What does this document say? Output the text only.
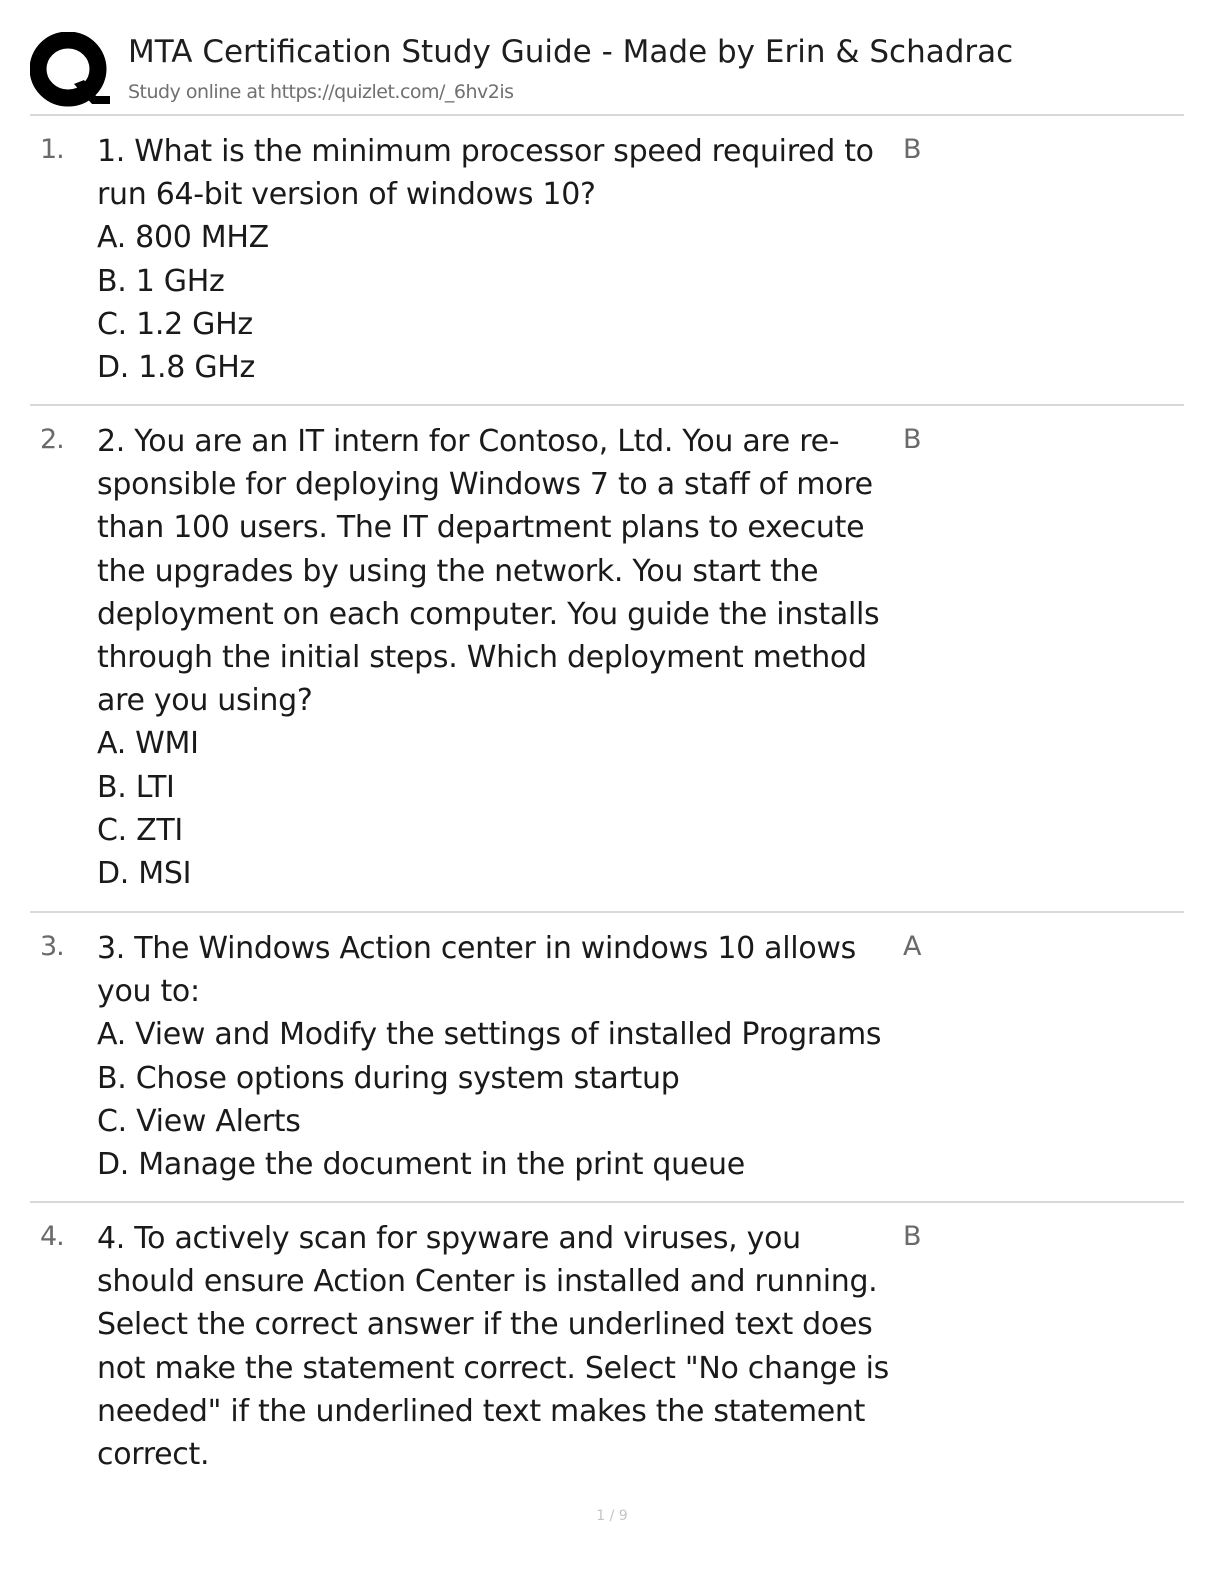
MTA Certification Study Guide - Made by Erin & Schadrac
Study online at https://quizlet.com/_6hv2is
1. 1. What is the minimum processor speed required to run 64-bit version of windows 10?
A. 800 MHZ
B. 1 GHz
C. 1.2 GHz
D. 1.8 GHz
B
2. 2. You are an IT intern for Contoso, Ltd. You are responsible for deploying Windows 7 to a staff of more than 100 users. The IT department plans to execute the upgrades by using the network. You start the deployment on each computer. You guide the installs through the initial steps. Which deployment method are you using?
A. WMI
B. LTI
C. ZTI
D. MSI
B
3. 3. The Windows Action center in windows 10 allows you to:
A. View and Modify the settings of installed Programs
B. Chose options during system startup
C. View Alerts
D. Manage the document in the print queue
A
4. 4. To actively scan for spyware and viruses, you should ensure Action Center is installed and running. Select the correct answer if the underlined text does not make the statement correct. Select "No change is needed" if the underlined text makes the statement correct.
B
1 / 9
